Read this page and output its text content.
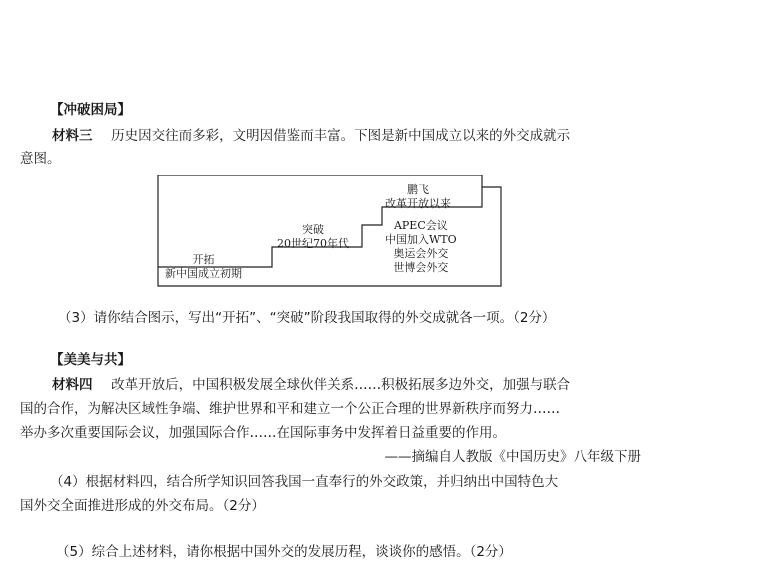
【冲破困局】
材料三 历史因交往而多彩，文明因借鉴而丰富。下图是新中国成立以来的外交成就示
意图。
开拓
新中国成立初期
突破
20世纪70年代
鹏飞
改革开放以来
APEC会议
中国加入WTO
奥运会外交
世博会外交
（3）请你结合图示，写出“开拓”、“突破”阶段我国取得的外交成就各一项。（2分）
【美美与共】
材料四 改革开放后，中国积极发展全球伙伴关系……积极拓展多边外交，加强与联合
国的合作，为解决区域性争端、维护世界和平和建立一个公正合理的世界新秩序而努力……
举办多次重要国际会议，加强国际合作……在国际事务中发挥着日益重要的作用。
——摘编自人教版《中国历史》八年级下册
（4）根据材料四，结合所学知识回答我国一直奉行的外交政策，并归纳出中国特色大
国外交全面推进形成的外交布局。（2分）
（5）综合上述材料，请你根据中国外交的发展历程，谈谈你的感悟。（2分）
